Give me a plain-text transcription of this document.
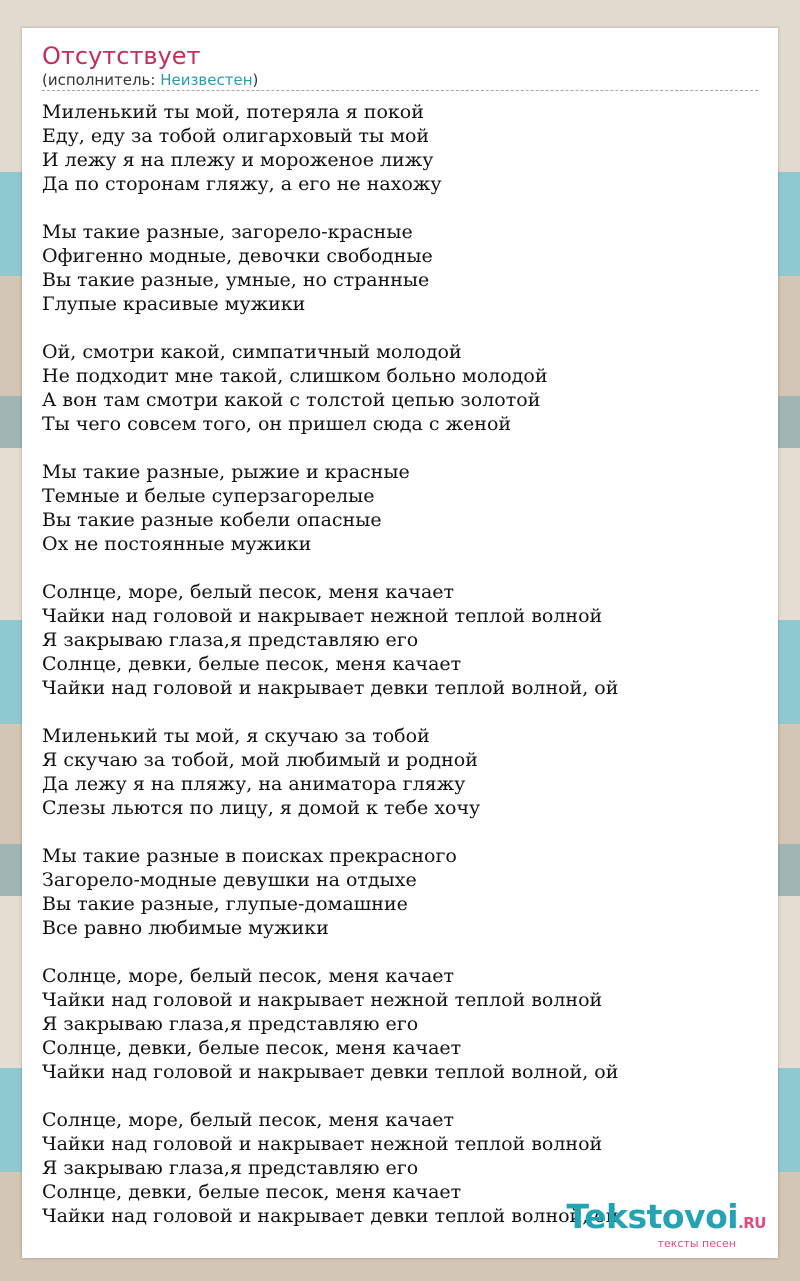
Отсутствует
(исполнитель: Неизвестен)
Миленький ты мой, потеряла я покой
Еду, еду за тобой олигарховый ты мой
И лежу я на плежу и мороженое лижу
Да по сторонам гляжу, а его не нахожу
Мы такие разные, загорело-красные
Офигенно модные, девочки свободные
Вы такие разные, умные, но странные
Глупые красивые мужики
Ой, смотри какой, симпатичный молодой
Не подходит мне такой, слишком больно молодой
А вон там смотри какой с толстой цепью золотой
Ты чего совсем того, он пришел сюда с женой
Мы такие разные, рыжие и красные
Темные и белые суперзагорелые
Вы такие разные кобели опасные
Ох не постоянные мужики
Солнце, море, белый песок, меня качает
Чайки над головой и накрывает нежной теплой волной
Я закрываю глаза,я представляю его
Солнце, девки, белые песок, меня качает
Чайки над головой и накрывает девки теплой волной, ой
Миленький ты мой, я скучаю за тобой
Я скучаю за тобой, мой любимый и родной
Да лежу я на пляжу, на аниматора гляжу
Слезы льются по лицу, я домой к тебе хочу
Мы такие разные в поисках прекрасного
Загорело-модные девушки на отдыхе
Вы такие разные, глупые-домашние
Все равно любимые мужики
Солнце, море, белый песок, меня качает
Чайки над головой и накрывает нежной теплой волной
Я закрываю глаза,я представляю его
Солнце, девки, белые песок, меня качает
Чайки над головой и накрывает девки теплой волной, ой
Солнце, море, белый песок, меня качает
Чайки над головой и накрывает нежной теплой волной
Я закрываю глаза,я представляю его
Солнце, девки, белые песок, меня качает
Чайки над головой и накрывает девки теплой волной, ой
Tekstovoi.RU
тексты песен
